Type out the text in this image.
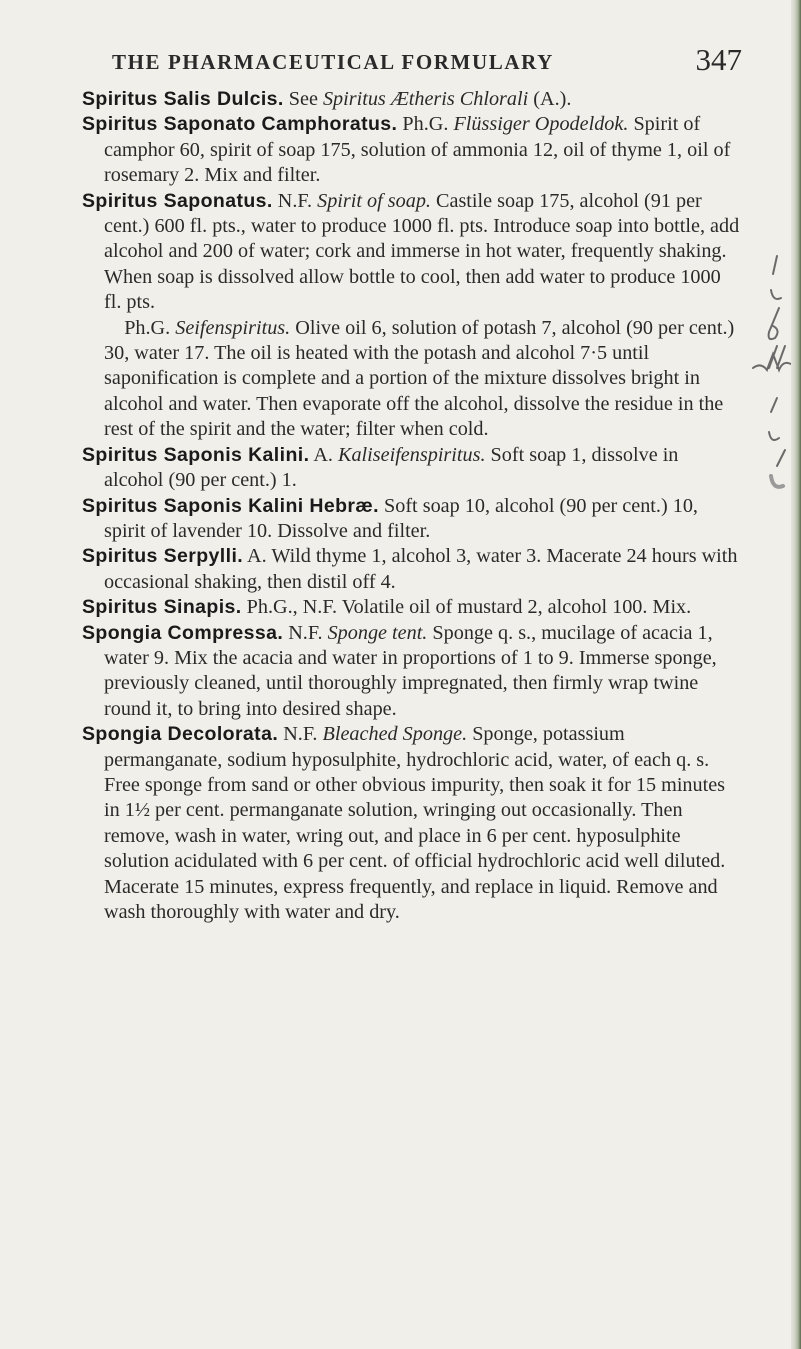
THE PHARMACEUTICAL FORMULARY	347

Spiritus Salis Dulcis. See Spiritus Ætheris Chlorali (A.).

Spiritus Saponato Camphoratus. Ph.G. Flüssiger Opodeldok. Spirit of camphor 60, spirit of soap 175, solution of ammonia 12, oil of thyme 1, oil of rosemary 2. Mix and filter.

Spiritus Saponatus. N.F. Spirit of soap. Castile soap 175, alcohol (91 per cent.) 600 fl. pts., water to produce 1000 fl. pts. Introduce soap into bottle, add alcohol and 200 of water; cork and immerse in hot water, frequently shaking. When soap is dissolved allow bottle to cool, then add water to produce 1000 fl. pts.

 Ph.G. Seifenspiritus. Olive oil 6, solution of potash 7, alcohol (90 per cent.) 30, water 17. The oil is heated with the potash and alcohol 7·5 until saponification is complete and a portion of the mixture dissolves bright in alcohol and water. Then evaporate off the alcohol, dissolve the residue in the rest of the spirit and the water; filter when cold.

Spiritus Saponis Kalini. A. Kaliseifenspiritus. Soft soap 1, dissolve in alcohol (90 per cent.) 1.

Spiritus Saponis Kalini Hebræ. Soft soap 10, alcohol (90 per cent.) 10, spirit of lavender 10. Dissolve and filter.

Spiritus Serpylli. A. Wild thyme 1, alcohol 3, water 3. Macerate 24 hours with occasional shaking, then distil off 4.

Spiritus Sinapis. Ph.G., N.F. Volatile oil of mustard 2, alcohol 100. Mix.

Spongia Compressa. N.F. Sponge tent. Sponge q. s., mucilage of acacia 1, water 9. Mix the acacia and water in proportions of 1 to 9. Immerse sponge, previously cleaned, until thoroughly impregnated, then firmly wrap twine round it, to bring into desired shape.

Spongia Decolorata. N.F. Bleached Sponge. Sponge, potassium permanganate, sodium hyposulphite, hydrochloric acid, water, of each q. s. Free sponge from sand or other obvious impurity, then soak it for 15 minutes in 1½ per cent. permanganate solution, wringing out occasionally. Then remove, wash in water, wring out, and place in 6 per cent. hyposulphite solution acidulated with 6 per cent. of official hydrochloric acid well diluted. Macerate 15 minutes, express frequently, and replace in liquid. Remove and wash thoroughly with water and dry.
